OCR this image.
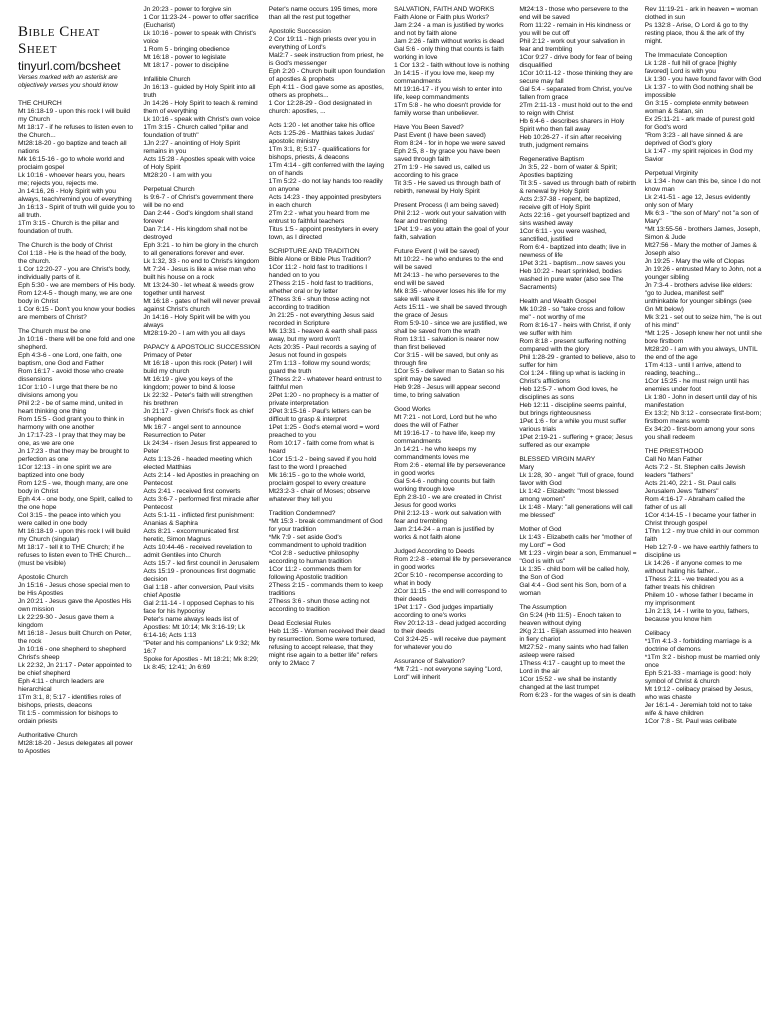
Bible Cheat Sheet
tinyurl.com/bcsheet
Verses marked with an asterisk are objectively verses you should know
THE CHURCH
Mt 16:18-19 - upon this rock I will build my Church
Mt 18:17 - if he refuses to listen even to the Church...
Mt28:18-20 - go baptize and teach all nations
Mk 16:15-16 - go to whole world and proclaim gospel
Lk 10:16 - whoever hears you, hears me; rejects you, rejects me.
Jn 14:16, 26 - Holy Spirit with you always, teach/remind you of everything
Jn 16:13 - Spirit of truth will guide you to all truth.
1Tm 3:15 - Church is the pillar and foundation of truth.
The Church is the body of Christ
Col 1:18 - He is the head of the body, the church.
1 Cor 12:20-27 - you are Christ's body, individually parts of it.
Eph 5:30 - we are members of His body.
Rom 12:4-5 - though many, we are one body in Christ
1 Cor 6:15 - Don't you know your bodies are members of Christ?
The Church must be one
Jn 10:16 - there will be one fold and one shepherd.
Eph 4:3-6 - one Lord, one faith, one baptism, one God and Father
Rom 16:17 - avoid those who create dissensions
1Cor 1:10 - I urge that there be no divisions among you
Phil 2:2 - be of same mind, united in heart thinking one thing
Rom 15:5 - God grant you to think in harmony with one another
Jn 17:17-23 - I pray that they may be one, as we are one
Jn 17:23 - that they may be brought to perfection as one
1Cor 12:13 - in one spirit we are baptized into one body
Rom 12:5 - we, though many, are one body in Christ
Eph 4:4 - one body, one Spirit, called to the one hope
Col 3:15 - the peace into which you were called in one body
Mt 16:18-19 - upon this rock I will build my Church (singular)
Mt 18:17 - tell it to THE Church; if he refuses to listen even to THE Church... (must be visible)
Apostolic Church
Jn 15:16 - Jesus chose special men to be His Apostles
Jn 20:21 - Jesus gave the Apostles His own mission
Lk 22:29-30 - Jesus gave them a kingdom
Mt 16:18 - Jesus built Church on Peter, the rock
Jn 10:16 - one shepherd to shepherd Christ's sheep
Lk 22:32, Jn 21:17 - Peter appointed to be chief shepherd
Eph 4:11 - church leaders are hierarchical
1Tm 3:1, 8; 5:17 - identifies roles of bishops, priests, deacons
Tit 1:5 - commission for bishops to ordain priests
Authoritative Church
Mt28:18-20 - Jesus delegates all power to Apostles
Jn 20:23 - power to forgive sin
1 Cor 11:23-24 - power to offer sacrifice (Eucharist)
Lk 10:16 - power to speak with Christ's voice
1 Rom 5 - bringing obedience
Mt 16:18 - power to legislate
Mt 18:17 - power to discipline
Infallible Church
Jn 16:13 - guided by Holy Spirit into all truth
Jn 14:26 - Holy Spirit to teach & remind them of everything
Lk 10:16 - speak with Christ's own voice
1Tm 3:15 - Church called "pillar and foundation of truth"
1Jn 2:27 - anointing of Holy Spirit remains in you
Acts 15:28 - Apostles speak with voice of Holy Spirit
Mt28:20 - I am with you
Perpetual Church
Is 9:6-7 - of Christ's government there will be no end
Dan 2:44 - God's kingdom shall stand forever
Dan 7:14 - His kingdom shall not be destroyed
Eph 3:21 - to him be glory in the church to all generations forever and ever.
Lk 1:32, 33 - no end to Christ's kingdom
Mt 7:24 - Jesus is like a wise man who built his house on a rock
Mt 13:24-30 - let wheat & weeds grow together until harvest
Mt 16:18 - gates of hell will never prevail against Christ's church
Jn 14:16 - Holy Spirit will be with you always
Mt28:19-20 - I am with you all days
PAPACY & APOSTOLIC SUCCESSION
Primacy of Peter
Mt 16:18 - upon this rock (Peter) I will build my church
Mt 16:19 - give you keys of the kingdom; power to bind & loose
Lk 22:32 - Peter's faith will strengthen his brethren
Jn 21:17 - given Christ's flock as chief shepherd
Mk 16:7 - angel sent to announce Resurrection to Peter
Lk 24:34 - risen Jesus first appeared to Peter
Acts 1:13-26 - headed meeting which elected Matthias
Acts 2:14 - led Apostles in preaching on Pentecost
Acts 2:41 - received first converts
Acts 3:6-7 - performed first miracle after Pentecost
Acts 5:1-11 - inflicted first punishment: Ananias & Saphira
Acts 8:21 - excommunicated first heretic, Simon Magnus
Acts 10:44-46 - received revelation to admit Gentiles into Church
Acts 15:7 - led first council in Jerusalem
Acts 15:19 - pronounces first dogmatic decision
Gal 1:18 - after conversion, Paul visits chief Apostle
Gal 2:11-14 - I opposed Cephas to his face for his hypocrisy
Peter's name always leads list of Apostles: Mt 10:14; Mk 3:16-19; Lk 6:14-16; Acts 1:13
"Peter and his companions" Lk 9:32; Mk 16:7
Spoke for Apostles - Mt 18:21; Mk 8:29; Lk 8:45; 12:41; Jn 6:69
Peter's name occurs 195 times, more than all the rest put together
Apostolic Succession
2 Cor 19:11 - high priests over you in everything of Lord's
Mal2:7 - seek instruction from priest, he is God's messenger
Eph 2:20 - Church built upon foundation of apostles & prophets
Eph 4:11 - God gave some as apostles, others as prophets...
1 Cor 12:28-29 - God designated in church: apostles, ...
Acts 1:20 - let another take his office
Acts 1:25-26 - Matthias takes Judas' apostolic ministry
1Tm 3:1, 8; 5:17 - qualifications for bishops, priests, & deacons
1Tm 4:14 - gift conferred with the laying on of hands
1Tm 5:22 - do not lay hands too readily on anyone
Acts 14:23 - they appointed presbyters in each church
2Tm 2:2 - what you heard from me entrust to faithful teachers
Titus 1:5 - appoint presbyters in every town, as I directed
SCRIPTURE AND TRADITION
Bible Alone or Bible Plus Tradition?
1Cor 11:2 - hold fast to traditions I handed on to you
2Thess 2:15 - hold fast to traditions, whether oral or by letter
2Thess 3:6 - shun those acting not according to tradition
Jn 21:25 - not everything Jesus said recorded in Scripture
Mk 13:31 - heaven & earth shall pass away, but my word won't
Acts 20:35 - Paul records a saying of Jesus not found in gospels
2Tm 1:13 - follow my sound words; guard the truth
2Thess 2:2 - whatever heard entrust to faithful men
2Pet 1:20 - no prophecy is a matter of private interpretation
2Pet 3:15-16 - Paul's letters can be difficult to grasp & interpret
1Pet 1:25 - God's eternal word = word preached to you
Rom 10:17 - faith come from what is heard
1Cor 15:1-2 - being saved if you hold fast to the word I preached
Mk 16:15 - go to the whole world, proclaim gospel to every creature
Mt23:2-3 - chair of Moses; observe whatever they tell you
Tradition Condemned?
*Mt 15:3 - break commandment of God for your tradition
*Mk 7:9 - set aside God's commandment to uphold tradition
*Col 2:8 - seductive philosophy according to human tradition
1Cor 11:2 - commends them for following Apostolic tradition
2Thess 2:15 - commands them to keep traditions
2Thess 3:6 - shun those acting not according to tradition
Dead Ecclesial Rules
Heb 11:35 - Women received their dead by resurrection. Some were tortured, refusing to accept release, that they might rise again to a better life" refers only to 2Macc 7
SALVATION, FAITH AND WORKS
Faith Alone or Faith plus Works?
Jam 2:24 - a man is justified by works and not by faith alone
Jam 2:26 - faith without works is dead
Gal 5:6 - only thing that counts is faith working in love
1 Cor 13:2 - faith without love is nothing
Jn 14:15 - if you love me, keep my commandments
Mt 19:16-17 - if you wish to enter into life, keep commandments
1Tm 5:8 - he who doesn't provide for family worse than unbeliever.
Have You Been Saved?
Past Event (I have been saved)
Rom 8:24 - for in hope we were saved
Eph 2:5, 8 - by grace you have been saved through faith
2Tm 1:9 - He saved us, called us according to his grace
Tit 3:5 - He saved us through bath of rebirth, renewal by Holy Spirit
Present Process (I am being saved)
Phil 2:12 - work out your salvation with fear and trembling
1Pet 1:9 - as you attain the goal of your faith, salvation
Future Event (I will be saved)
Mt 10:22 - he who endures to the end will be saved
Mt 24:13 - he who perseveres to the end will be saved
Mk 8:35 - whoever loses his life for my sake will save it
Acts 15:11 - we shall be saved through the grace of Jesus
Rom 5:9-10 - since we are justified, we shall be saved from the wrath
Rom 13:11 - salvation is nearer now than first believed
Cor 3:15 - will be saved, but only as through fire
1Cor 5:5 - deliver man to Satan so his spirit may be saved
Heb 9:28 - Jesus will appear second time, to bring salvation
Good Works
Mt 7:21 - not Lord, Lord but he who does the will of Father
Mt 19:16-17 - to have life, keep my commandments
Jn 14:21 - he who keeps my commandments loves me
Rom 2:6 - eternal life by perseverance in good works
Gal 5:4-6 - nothing counts but faith working through love
Eph 2:8-10 - we are created in Christ Jesus for good works
Phil 2:12-13 - work out salvation with fear and trembling
Jam 2:14-24 - a man is justified by works & not faith alone
Judged According to Deeds
Rom 2:2-8 - eternal life by perseverance in good works
2Cor 5:10 - recompense according to what in body
2Cor 11:15 - the end will correspond to their deeds
1Pet 1:17 - God judges impartially according to one's works
Rev 20:12-13 - dead judged according to their deeds
Col 3:24-25 - will receive due payment for whatever you do
Assurance of Salvation?
*Mt 7:21 - not everyone saying "Lord, Lord" will inherit
Mt24:13 - those who persevere to the end will be saved
Rom 11:22 - remain in His kindness or you will be cut off
Phil 2:12 - work out your salvation in fear and trembling
1Cor 9:27 - drive body for fear of being disqualified
1Cor 10:11-12 - those thinking they are secure may fall
Gal 5:4 - separated from Christ, you've fallen from grace
2Tm 2:11-13 - must hold out to the end to reign with Christ
Hb 6:4-6 - describes sharers in Holy Spirit who then fall away
Heb 10:26-27 - if sin after receiving truth, judgment remains
Regenerative Baptism
Jn 3:5, 22 - born of water & Spirit; Apostles baptizing
Tit 3:5 - saved us through bath of rebirth & renewal by Holy Spirit
Acts 2:37-38 - repent, be baptized, receive gift of Holy Spirit
Acts 22:16 - get yourself baptized and sins washed away
1Cor 6:11 - you were washed, sanctified, justified
Rom 6:4 - baptized into death; live in newness of life
1Pet 3:21 - baptism...now saves you
Heb 10:22 - heart sprinkled, bodies washed in pure water (also see The Sacraments)
Health and Wealth Gospel
Mk 10:28 - so "take cross and follow me" - not worthy of me
Rom 8:16-17 - heirs with Christ, if only we suffer with him
Rom 8:18 - present suffering nothing compared with the glory
Phil 1:28-29 - granted to believe, also to suffer for him
Col 1:24 - filling up what is lacking in Christ's afflictions
Heb 12:5-7 - whom God loves, he disciplines as sons
Heb 12:11 - discipline seems painful, but brings righteousness
1Pet 1:6 - for a while you must suffer various trials
1Pet 2:19-21 - suffering + grace; Jesus suffered as our example
BLESSED VIRGIN MARY
Mary
Lk 1:28, 30 - angel: "full of grace, found favor with God
Lk 1:42 - Elizabeth: "most blessed among women"
Lk 1:48 - Mary: "all generations will call me blessed"
Mother of God
Lk 1:43 - Elizabeth calls her "mother of my Lord" = God
Mt 1:23 - virgin bear a son, Emmanuel = "God is with us"
Lk 1:35 - child born will be called holy, the Son of God
Gal 4:4 - God sent his Son, born of a woman
The Assumption
Gn 5:24 (Hb 11:5) - Enoch taken to heaven without dying
2Kg 2:11 - Elijah assumed into heaven in fiery chariot
Mt27:52 - many saints who had fallen asleep were raised
1Thess 4:17 - caught up to meet the Lord in the air
1Cor 15:52 - we shall be instantly changed at the last trumpet
Rom 6:23 - for the wages of sin is death
Rev 11:19-21 - ark in heaven = woman clothed in sun
Ps 132:8 - Arise, O Lord & go to thy resting place, thou & the ark of thy might.
The Immaculate Conception
Lk 1:28 - full hill of grace [highly favored] Lord is with you
Lk 1:30 - you have found favor with God
Lk 1:37 - to with God nothing shall be impossible
Gn 3:15 - complete enmity between woman & Satan, sin
Ex 25:11-21 - ark made of purest gold for God's word
"Rom 3:23 - all have sinned & are deprived of God's glory
Lk 1:47 - my spirit rejoices in God my Savior
Perpetual Virginity
Lk 1:34 - how can this be, since I do not know man
Lk 2:41-51 - age 12, Jesus evidently only son of Mary
Mk 6:3 - "the son of Mary" not "a son of Mary"
*Mt 13:55-56 - brothers James, Joseph, Simon & Jude
Mt27:56 - Mary the mother of James & Joseph also
Jn 19:25 - Mary the wife of Clopas
Jn 19:26 - entrusted Mary to John, not a younger sibling
Jn 7:3-4 - brothers advise like elders: "go to Judea, manifest self"
unthinkable for younger siblings (see Gn Mt below)
Mk 3:21 - set out to seize him, "he is out of his mind"
*Mt 1:25 - Joseph knew her not until she bore firstborn
Mt28:20 - I am with you always, UNTIL the end of the age
1Tm 4:13 - until I arrive, attend to reading, teaching...
1Cor 15:25 - he must reign until has enemies under foot
Lk 1:80 - John in desert until day of his manifestation
Ex 13:2; Nb 3:12 - consecrate first-born; firstborn means womb
Ex 34:20 - first-born among your sons you shall redeem
THE PRIESTHOOD
Call No Man Father
Acts 7:2 - St. Stephen calls Jewish leaders "fathers"
Acts 21:40, 22:1 - St. Paul calls Jerusalem Jews "fathers"
Rom 4:16-17 - Abraham called the father of us all
1Cor 4:14-15 - I became your father in Christ through gospel
1Thn 1:2 - my true child in our common faith
Heb 12:7-9 - we have earthly fathers to discipline us
Lk 14:26 - if anyone comes to me without hating his father...
1Thess 2:11 - we treated you as a father treats his children
Philem 10 - whose father I became in my imprisonment
1Jn 2:13, 14 - I write to you, fathers, because you know him
Celibacy
*1Tm 4:1-3 - forbidding marriage is a doctrine of demons
*1Tm 3:2 - bishop must be married only once
Eph 5:21-33 - marriage is good: holy symbol of Christ & church
Mt 19:12 - celibacy praised by Jesus, who was chaste
Jer 16:1-4 - Jeremiah told not to take wife & have children
1Cor 7:8 - St. Paul was celibate
